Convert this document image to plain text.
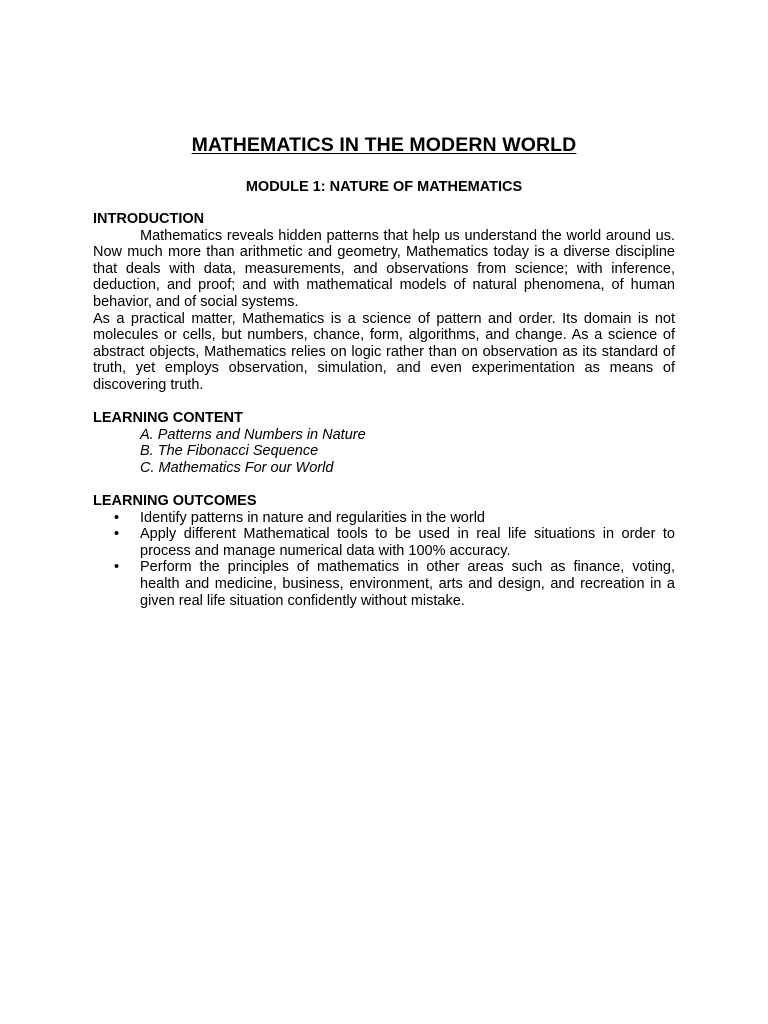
MATHEMATICS IN THE MODERN WORLD
MODULE 1: NATURE OF MATHEMATICS

INTRODUCTION

Mathematics reveals hidden patterns that help us understand the world around us. Now much more than arithmetic and geometry, Mathematics today is a diverse discipline that deals with data, measurements, and observations from science; with inference, deduction, and proof; and with mathematical models of natural phenomena, of human behavior, and of social systems.

As a practical matter, Mathematics is a science of pattern and order. Its domain is not molecules or cells, but numbers, chance, form, algorithms, and change. As a science of abstract objects, Mathematics relies on logic rather than on observation as its standard of truth, yet employs observation, simulation, and even experimentation as means of discovering truth.

LEARNING CONTENT

A. Patterns and Numbers in Nature
B. The Fibonacci Sequence
C. Mathematics For our World

LEARNING OUTCOMES

• Identify patterns in nature and regularities in the world
• Apply different Mathematical tools to be used in real life situations in order to process and manage numerical data with 100% accuracy.
• Perform the principles of mathematics in other areas such as finance, voting, health and medicine, business, environment, arts and design, and recreation in a given real life situation confidently without mistake.
